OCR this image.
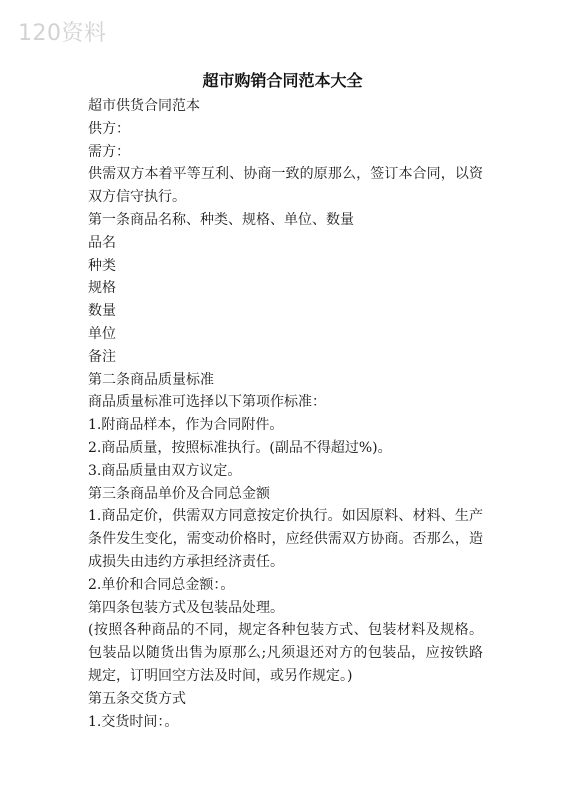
120资料
超市购销合同范本大全
超市供货合同范本
供方：
需方：
供需双方本着平等互利、协商一致的原那么，签订本合同，以资双方信守执行。
第一条商品名称、种类、规格、单位、数量
品名
种类
规格
数量
单位
备注
第二条商品质量标准
商品质量标准可选择以下第项作标准：
1.附商品样本，作为合同附件。
2.商品质量，按照标准执行。(副品不得超过%)。
3.商品质量由双方议定。
第三条商品单价及合同总金额
1.商品定价，供需双方同意按定价执行。如因原料、材料、生产条件发生变化，需变动价格时，应经供需双方协商。否那么，造成损失由违约方承担经济责任。
2.单价和合同总金额：。
第四条包装方式及包装品处理。
(按照各种商品的不同，规定各种包装方式、包装材料及规格。包装品以随货出售为原那么;凡须退还对方的包装品，应按铁路规定，订明回空方法及时间，或另作规定。)
第五条交货方式
1.交货时间：。
